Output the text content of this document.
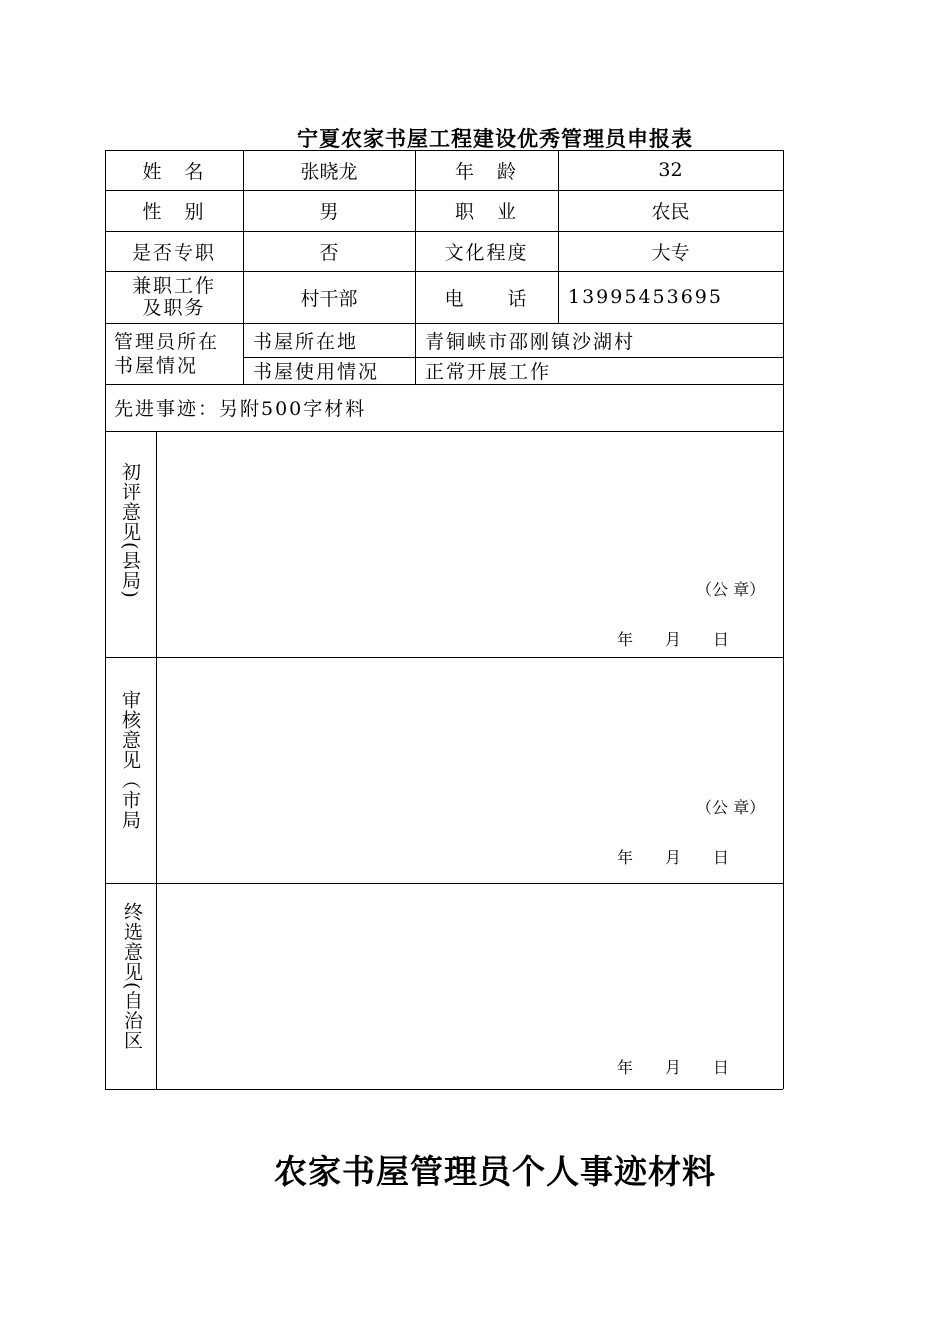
宁夏农家书屋工程建设优秀管理员申报表
姓　名	张晓龙	年　龄	32
性　别	男	职　业	农民
是否专职	否	文化程度	大专
兼职工作
及职务	村干部	电　　话	13995453695
管理员所在
书屋情况
书屋所在地	青铜峡市邵刚镇沙湖村
书屋使用情况	正常开展工作
先进事迹：另附500字材料
初评意见(县局)	（公 章）
年　　月　　日
审核意见（市局	（公 章）
年　　月　　日
终选意见(自治区
年　　月　　日
农家书屋管理员个人事迹材料
